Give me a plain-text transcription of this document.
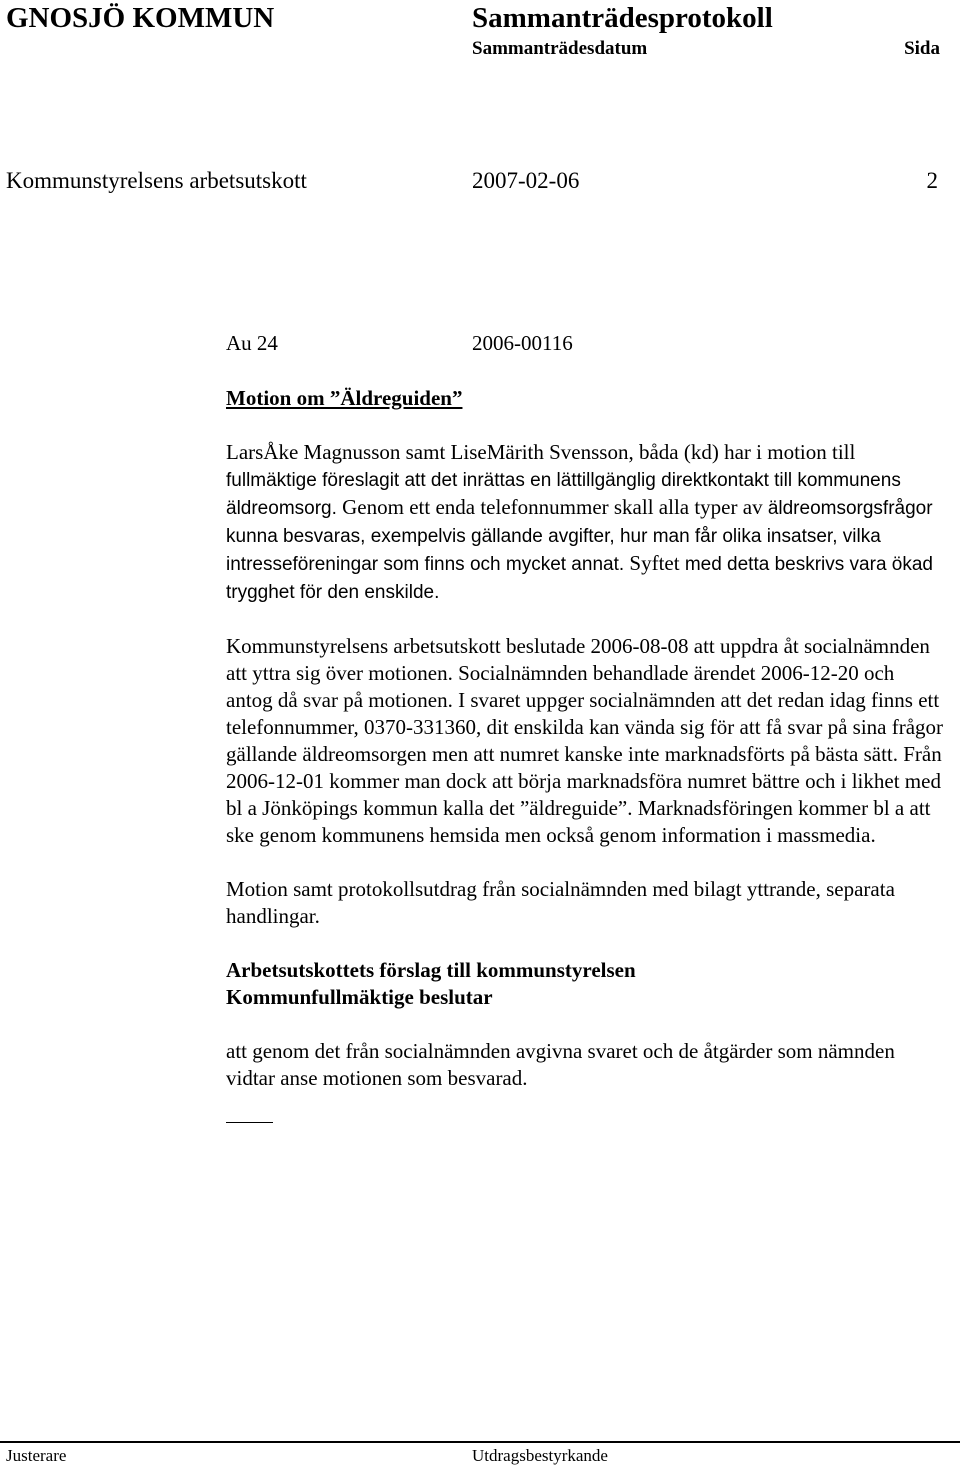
GNOSJÖ KOMMUN	Sammanträdesprotokoll
Sammanträdesdatum	Sida
Kommunstyrelsens arbetsutskott	2007-02-06	2
Au 24	2006-00116
Motion om ”Äldreguiden”

LarsÅke Magnusson samt LiseMärith Svensson, båda (kd) har i motion till fullmäktige föreslagit att det inrättas en lättillgänglig direktkontakt till kommunens äldreomsorg. Genom ett enda telefonnummer skall alla typer av äldreomsorgsfrågor kunna besvaras, exempelvis gällande avgifter, hur man får olika insatser, vilka intresseföreningar som finns och mycket annat. Syftet med detta beskrivs vara ökad trygghet för den enskilde.

Kommunstyrelsens arbetsutskott beslutade 2006-08-08 att uppdra åt socialnämnden att yttra sig över motionen. Socialnämnden behandlade ärendet 2006-12-20 och antog då svar på motionen. I svaret uppger socialnämnden att det redan idag finns ett telefonnummer, 0370-331360, dit enskilda kan vända sig för att få svar på sina frågor gällande äldreomsorgen men att numret kanske inte marknadsförts på bästa sätt. Från 2006-12-01 kommer man dock att börja marknadsföra numret bättre och i likhet med bl a Jönköpings kommun kalla det ”äldreguide”. Marknadsföringen kommer bl a att ske genom kommunens hemsida men också genom information i massmedia.

Motion samt protokollsutdrag från socialnämnden med bilagt yttrande, separata handlingar.

Arbetsutskottets förslag till kommunstyrelsen

Kommunfullmäktige beslutar

att genom det från socialnämnden avgivna svaret och de åtgärder som nämnden vidtar anse motionen som besvarad.

Justerare	Utdragsbestyrkande
